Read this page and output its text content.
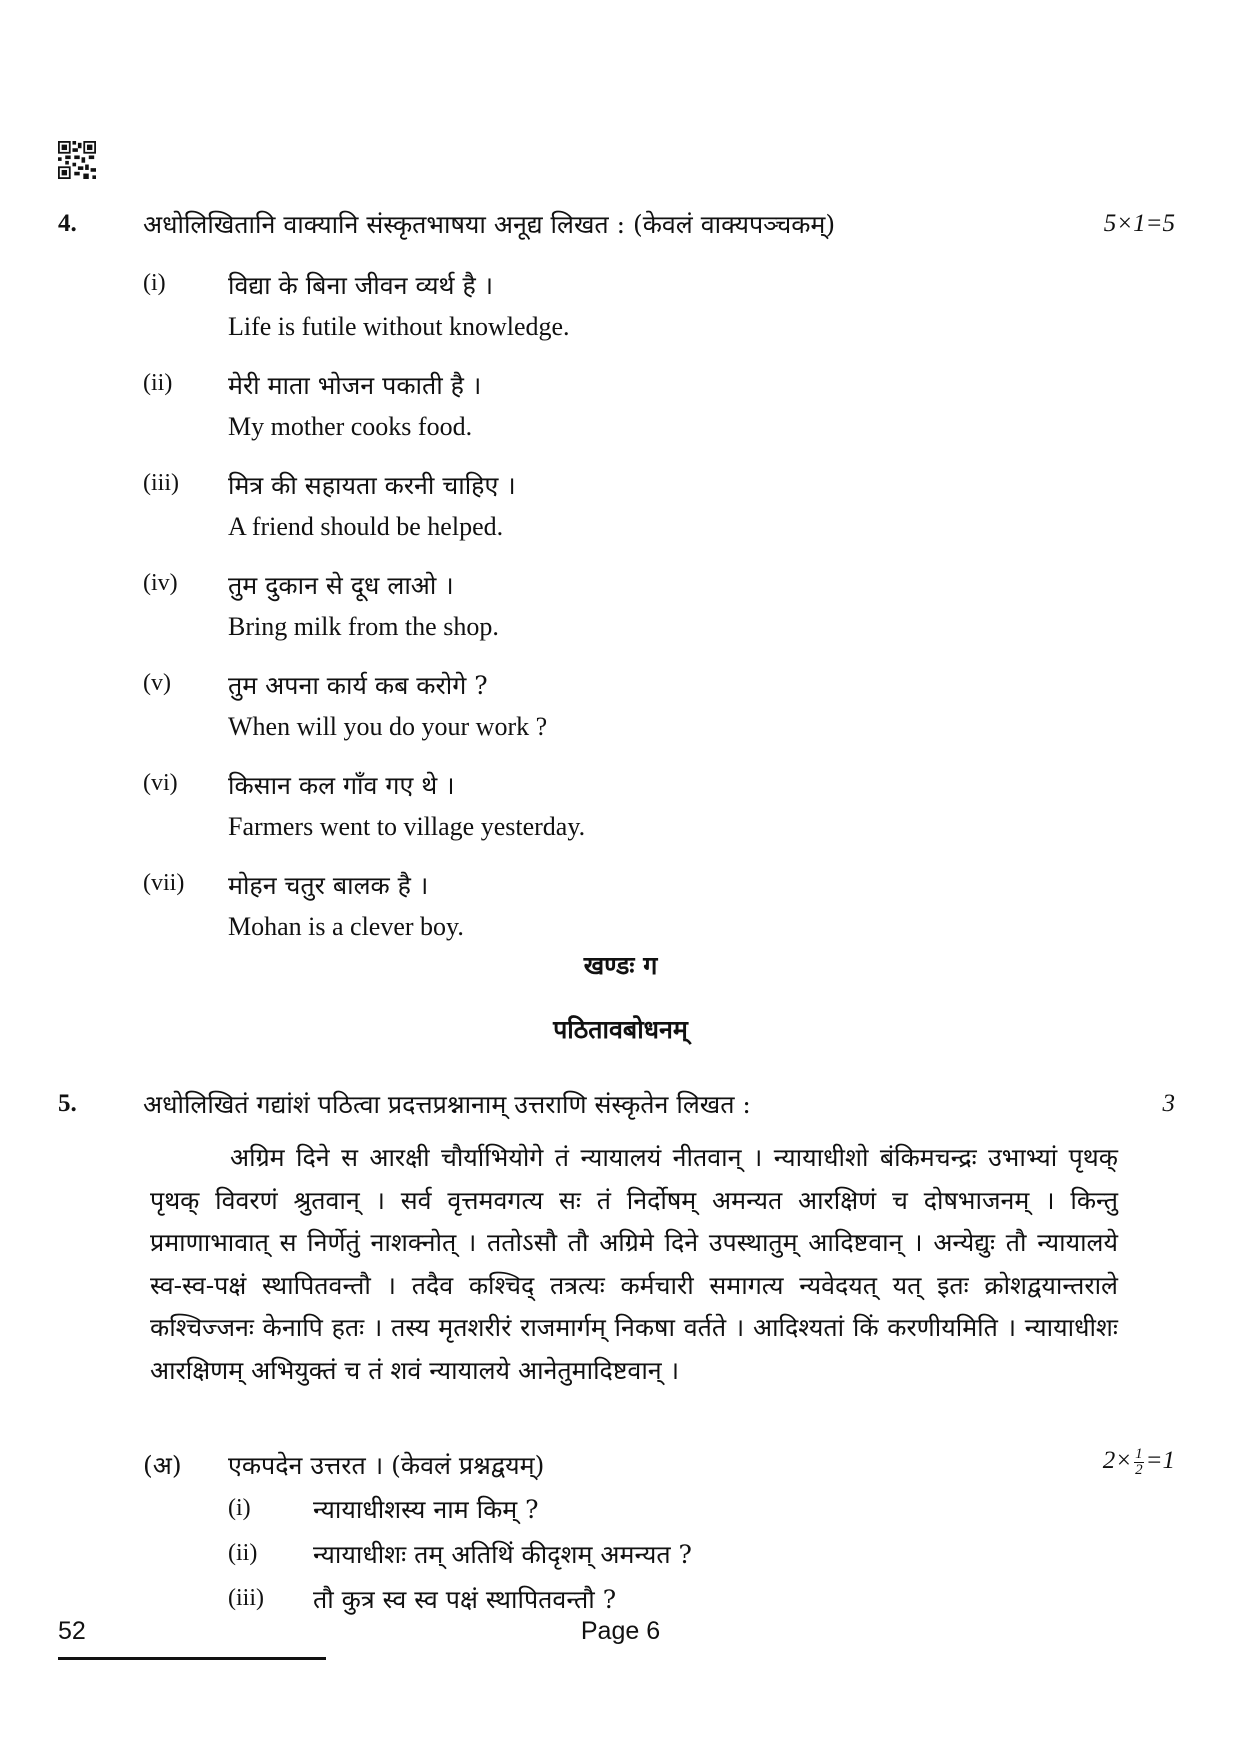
4.	अधोलिखितानि वाक्यानि संस्कृतभाषया अनूद्य लिखत : (केवलं वाक्यपञ्चकम्)	5×1=5
(i) विद्या के बिना जीवन व्यर्थ है ।
Life is futile without knowledge.
(ii) मेरी माता भोजन पकाती है ।
My mother cooks food.
(iii) मित्र की सहायता करनी चाहिए ।
A friend should be helped.
(iv) तुम दुकान से दूध लाओ ।
Bring milk from the shop.
(v) तुम अपना कार्य कब करोगे ?
When will you do your work ?
(vi) किसान कल गाँव गए थे ।
Farmers went to village yesterday.
(vii) मोहन चतुर बालक है ।
Mohan is a clever boy.
खण्डः ग
पठितावबोधनम्
5.	अधोलिखितं गद्यांशं पठित्वा प्रदत्तप्रश्नानाम् उत्तराणि संस्कृतेन लिखत :	3
अग्रिम दिने स आरक्षी चौर्याभियोगे तं न्यायालयं नीतवान् । न्यायाधीशो बंकिमचन्द्रः उभाभ्यां पृथक् पृथक् विवरणं श्रुतवान् । सर्व वृत्तमवगत्य सः तं निर्दोषम् अमन्यत आरक्षिणं च दोषभाजनम् । किन्तु प्रमाणाभावात् स निर्णेतुं नाशक्नोत् । ततोऽसौ तौ अग्रिमे दिने उपस्थातुम् आदिष्टवान् । अन्येद्युः तौ न्यायालये स्व-स्व-पक्षं स्थापितवन्तौ । तदैव कश्चिद् तत्रत्यः कर्मचारी समागत्य न्यवेदयत् यत् इतः क्रोशद्वयान्तराले कश्चिज्जनः केनापि हतः । तस्य मृतशरीरं राजमार्गम् निकषा वर्तते । आदिश्यतां किं करणीयमिति । न्यायाधीशः आरक्षिणम् अभियुक्तं च तं शवं न्यायालये आनेतुमादिष्टवान् ।
(अ) एकपदेन उत्तरत । (केवलं प्रश्नद्वयम्)	$2\times \frac{1}{2} =1$
(i) न्यायाधीशस्य नाम किम् ?
(ii) न्यायाधीशः तम् अतिथिं कीदृशम् अमन्यत ?
(iii) तौ कुत्र स्व स्व पक्षं स्थापितवन्तौ ?
52	Page 6
